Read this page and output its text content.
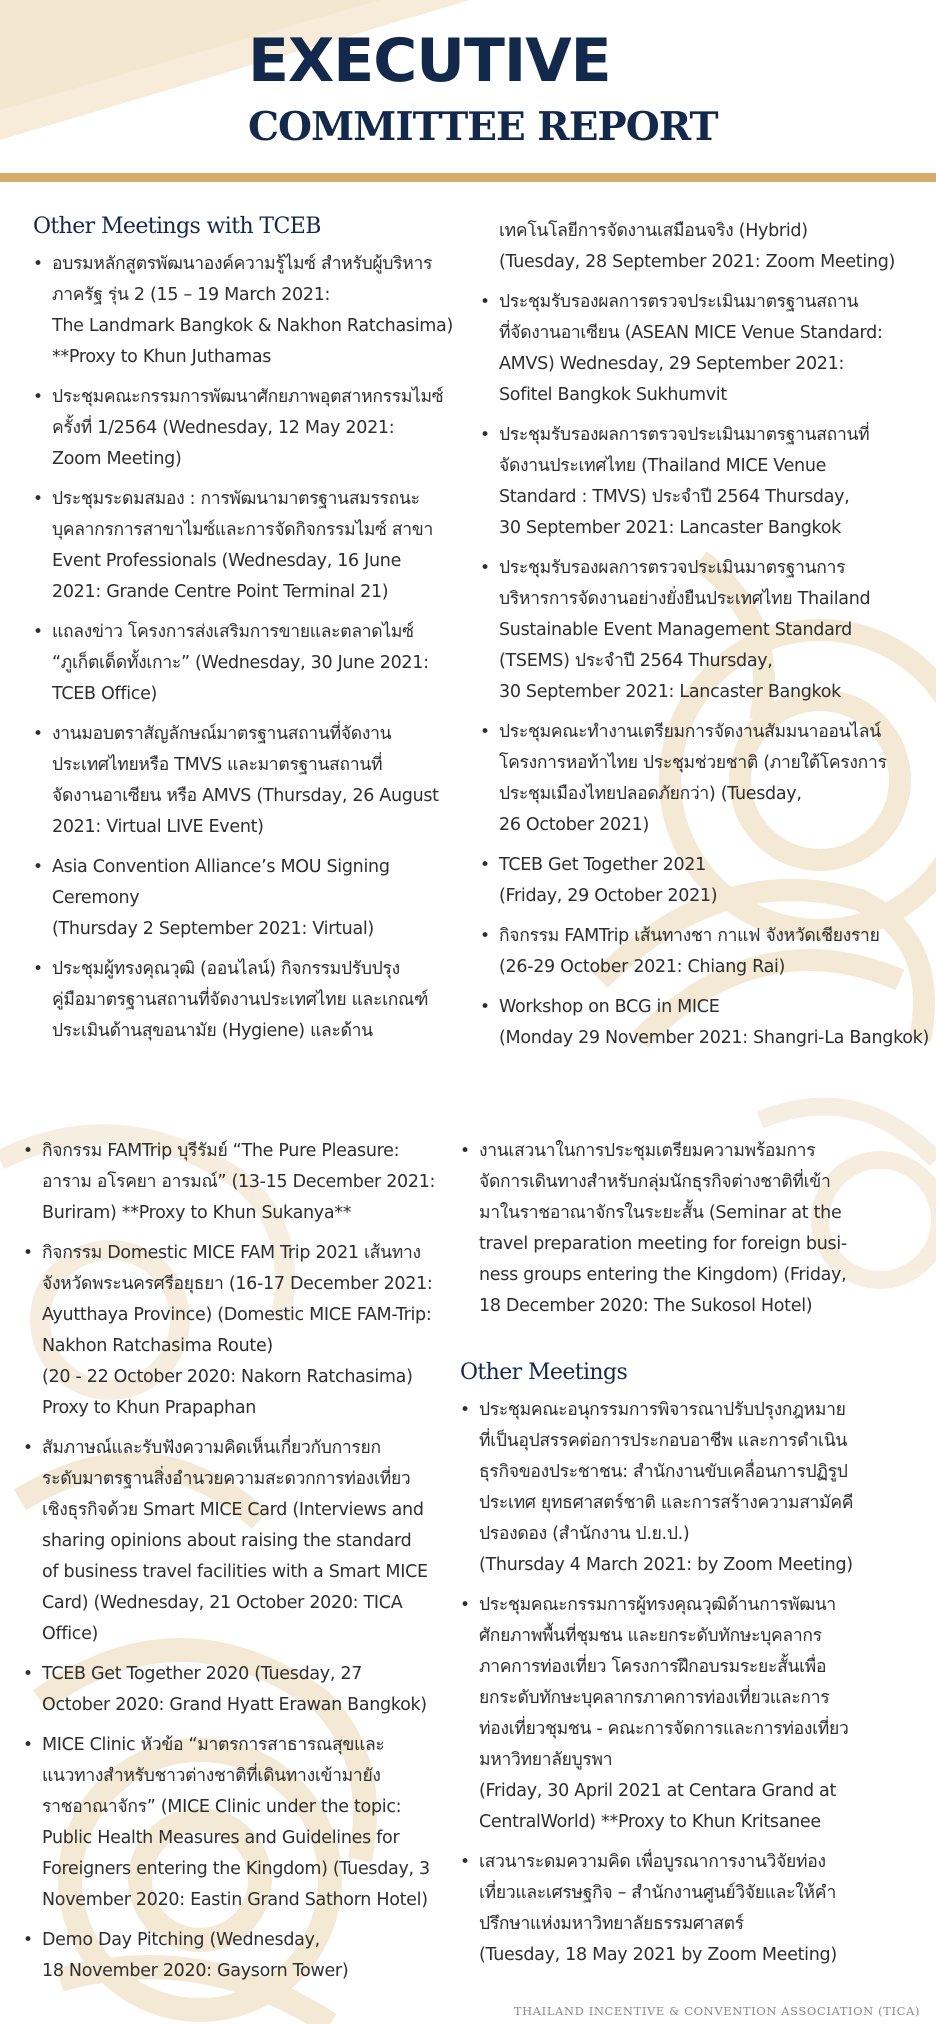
EXECUTIVE
COMMITTEE REPORT
Other Meetings with TCEB
• อบรมหลักสูตรพัฒนาองค์ความรู้ไมซ์ สำหรับผู้บริหาร
ภาครัฐ รุ่น 2 (15 – 19 March 2021:
The Landmark Bangkok & Nakhon Ratchasima)
**Proxy to Khun Juthamas
• ประชุมคณะกรรมการพัฒนาศักยภาพอุตสาหกรรมไมซ์
ครั้งที่ 1/2564 (Wednesday, 12 May 2021:
Zoom Meeting)
• ประชุมระดมสมอง : การพัฒนามาตรฐานสมรรถนะ
บุคลากรการสาขาไมซ์และการจัดกิจกรรมไมซ์ สาขา
Event Professionals (Wednesday, 16 June
2021: Grande Centre Point Terminal 21)
• แถลงข่าว โครงการส่งเสริมการขายและตลาดไมซ์
“ภูเก็ตเด็ดทั้งเกาะ” (Wednesday, 30 June 2021:
TCEB Office)
• งานมอบตราสัญลักษณ์มาตรฐานสถานที่จัดงาน
ประเทศไทยหรือ TMVS และมาตรฐานสถานที่
จัดงานอาเซียน หรือ AMVS (Thursday, 26 August
2021: Virtual LIVE Event)
• Asia Convention Alliance’s MOU Signing
Ceremony
(Thursday 2 September 2021: Virtual)
• ประชุมผู้ทรงคุณวุฒิ (ออนไลน์) กิจกรรมปรับปรุง
คู่มือมาตรฐานสถานที่จัดงานประเทศไทย และเกณฑ์
ประเมินด้านสุขอนามัย (Hygiene) และด้าน

เทคโนโลยีการจัดงานเสมือนจริง (Hybrid)
(Tuesday, 28 September 2021: Zoom Meeting)

• ประชุมรับรองผลการตรวจประเมินมาตรฐานสถาน
ที่จัดงานอาเซียน (ASEAN MICE Venue Standard:
AMVS) Wednesday, 29 September 2021:
Sofitel Bangkok Sukhumvit
• ประชุมรับรองผลการตรวจประเมินมาตรฐานสถานที่
จัดงานประเทศไทย (Thailand MICE Venue
Standard : TMVS) ประจำปี 2564 Thursday,
30 September 2021: Lancaster Bangkok
• ประชุมรับรองผลการตรวจประเมินมาตรฐานการ
บริหารการจัดงานอย่างยั่งยืนประเทศไทย Thailand
Sustainable Event Management Standard
(TSEMS) ประจำปี 2564 Thursday,
30 September 2021: Lancaster Bangkok
• ประชุมคณะทำงานเตรียมการจัดงานสัมมนาออนไลน์
โครงการหอท้าไทย ประชุมช่วยชาติ (ภายใต้โครงการ
ประชุมเมืองไทยปลอดภัยกว่า) (Tuesday,
26 October 2021)
• TCEB Get Together 2021
(Friday, 29 October 2021)
• กิจกรรม FAMTrip เส้นทางชา กาแฟ จังหวัดเชียงราย
(26-29 October 2021: Chiang Rai)
• Workshop on BCG in MICE
(Monday 29 November 2021: Shangri-La Bangkok)
• กิจกรรม FAMTrip บุรีรัมย์ “The Pure Pleasure:
อาราม อโรคยา อารมณ์” (13-15 December 2021:
Buriram) **Proxy to Khun Sukanya**
• กิจกรรม Domestic MICE FAM Trip 2021 เส้นทาง
จังหวัดพระนครศรีอยุธยา (16-17 December 2021:
Ayutthaya Province) (Domestic MICE FAM-Trip:
Nakhon Ratchasima Route)
(20 - 22 October 2020: Nakorn Ratchasima)
Proxy to Khun Prapaphan
• สัมภาษณ์และรับฟังความคิดเห็นเกี่ยวกับการยก
ระดับมาตรฐานสิ่งอำนวยความสะดวกการท่องเที่ยว
เชิงธุรกิจด้วย Smart MICE Card (Interviews and
sharing opinions about raising the standard
of business travel facilities with a Smart MICE
Card) (Wednesday, 21 October 2020: TICA
Office)
• TCEB Get Together 2020 (Tuesday, 27
October 2020: Grand Hyatt Erawan Bangkok)
• MICE Clinic หัวข้อ “มาตรการสาธารณสุขและ
แนวทางสำหรับชาวต่างชาติที่เดินทางเข้ามายัง
ราชอาณาจักร” (MICE Clinic under the topic:
Public Health Measures and Guidelines for
Foreigners entering the Kingdom) (Tuesday, 3
November 2020: Eastin Grand Sathorn Hotel)
• Demo Day Pitching (Wednesday,
18 November 2020: Gaysorn Tower)
• งานเสวนาในการประชุมเตรียมความพร้อมการ
จัดการเดินทางสำหรับกลุ่มนักธุรกิจต่างชาติที่เข้า
มาในราชอาณาจักรในระยะสั้น (Seminar at the
travel preparation meeting for foreign busi-
ness groups entering the Kingdom) (Friday,
18 December 2020: The Sukosol Hotel)
Other Meetings
• ประชุมคณะอนุกรรมการพิจารณาปรับปรุงกฎหมาย
ที่เป็นอุปสรรคต่อการประกอบอาชีพ และการดำเนิน
ธุรกิจของประชาชน: สำนักงานขับเคลื่อนการปฏิรูป
ประเทศ ยุทธศาสตร์ชาติ และการสร้างความสามัคคี
ปรองดอง (สำนักงาน ป.ย.ป.)
(Thursday 4 March 2021: by Zoom Meeting)
• ประชุมคณะกรรมการผู้ทรงคุณวุฒิด้านการพัฒนา
ศักยภาพพื้นที่ชุมชน และยกระดับทักษะบุคลากร
ภาคการท่องเที่ยว โครงการฝึกอบรมระยะสั้นเพื่อ
ยกระดับทักษะบุคลากรภาคการท่องเที่ยวและการ
ท่องเที่ยวชุมชน - คณะการจัดการและการท่องเที่ยว
มหาวิทยาลัยบูรพา
(Friday, 30 April 2021 at Centara Grand at
CentralWorld) **Proxy to Khun Kritsanee
• เสวนาระดมความคิด เพื่อบูรณาการงานวิจัยท่อง
เที่ยวและเศรษฐกิจ – สำนักงานศูนย์วิจัยและให้คำ
ปรึกษาแห่งมหาวิทยาลัยธรรมศาสตร์
(Tuesday, 18 May 2021 by Zoom Meeting)

THAILAND INCENTIVE & CONVENTION ASSOCIATION (TICA)
